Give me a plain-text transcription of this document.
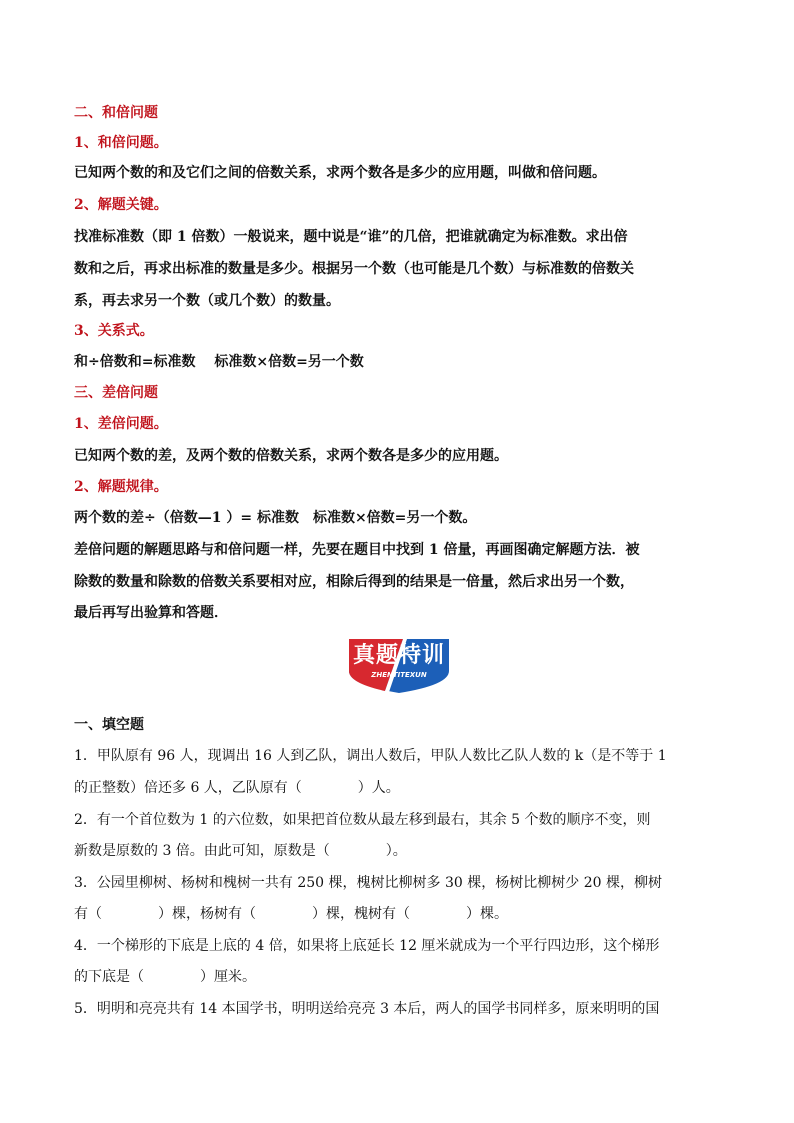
二、和倍问题
1、和倍问题。
已知两个数的和及它们之间的倍数关系，求两个数各是多少的应用题，叫做和倍问题。
2、解题关键。
找准标准数（即 1 倍数）一般说来，题中说是“谁”的几倍，把谁就确定为标准数。求出倍
数和之后，再求出标准的数量是多少。根据另一个数（也可能是几个数）与标准数的倍数关
系，再去求另一个数（或几个数）的数量。
3、关系式。
和÷倍数和=标准数　 标准数×倍数=另一个数
三、差倍问题
1、差倍问题。
已知两个数的差，及两个数的倍数关系，求两个数各是多少的应用题。
2、解题规律。
两个数的差÷（倍数—1 ）= 标准数　标准数×倍数=另一个数。
差倍问题的解题思路与和倍问题一样，先要在题目中找到 1 倍量，再画图确定解题方法．被
除数的数量和除数的倍数关系要相对应，相除后得到的结果是一倍量，然后求出另一个数，
最后再写出验算和答题．
真题特训
ZHENTITEXUN
一、填空题
1．甲队原有 96 人，现调出 16 人到乙队，调出人数后，甲队人数比乙队人数的 k（是不等于 1
的正整数）倍还多 6 人，乙队原有（　　　　）人。
2．有一个首位数为 1 的六位数，如果把首位数从最左移到最右，其余 5 个数的顺序不变，则
新数是原数的 3 倍。由此可知，原数是（　　　　）。
3．公园里柳树、杨树和槐树一共有 250 棵，槐树比柳树多 30 棵，杨树比柳树少 20 棵，柳树
有（　　　　）棵，杨树有（　　　　）棵，槐树有（　　　　）棵。
4．一个梯形的下底是上底的 4 倍，如果将上底延长 12 厘米就成为一个平行四边形，这个梯形
的下底是（　　　　）厘米。
5．明明和亮亮共有 14 本国学书，明明送给亮亮 3 本后，两人的国学书同样多，原来明明的国
